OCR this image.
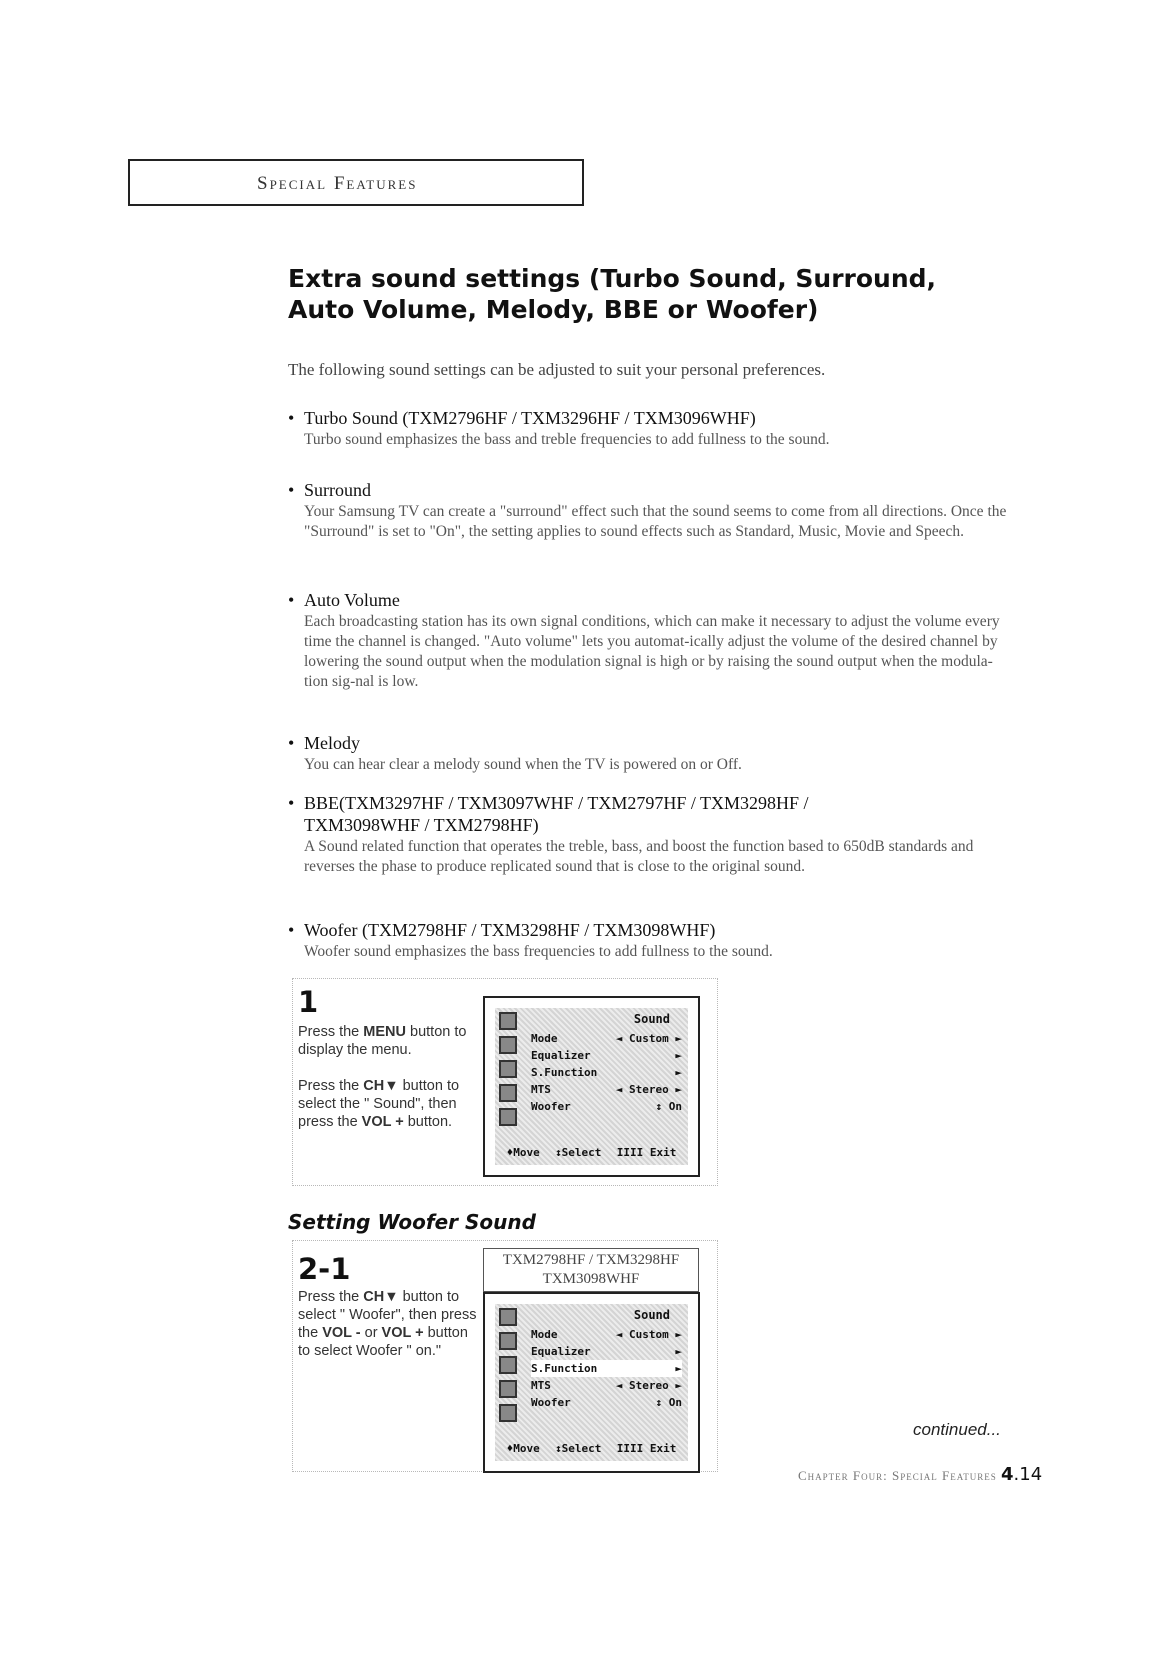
Special Features
Extra sound settings (Turbo Sound, Surround, Auto Volume, Melody, BBE or Woofer)
The following sound settings can be adjusted to suit your personal preferences.
• Turbo Sound (TXM2796HF / TXM3296HF / TXM3096WHF)
Turbo sound emphasizes the bass and treble frequencies to add fullness to the sound.
• Surround
Your Samsung TV can create a "surround" effect such that the sound seems to come from all directions. Once the "Surround" is set to "On", the setting applies to sound effects such as Standard, Music, Movie and Speech.
• Auto Volume
Each broadcasting station has its own signal conditions, which can make it necessary to adjust the volume every time the channel is changed. "Auto volume" lets you automat-ically adjust the volume of the desired channel by lowering the sound output when the modulation signal is high or by raising the sound output when the modula-tion sig-nal is low.
• Melody
You can hear clear a melody sound when the TV is powered on or Off.
• BBE(TXM3297HF / TXM3097WHF / TXM2797HF / TXM3298HF / TXM3098WHF / TXM2798HF)
A Sound related function that operates the treble, bass, and boost the function based to 650dB standards and reverses the phase to produce replicated sound that is close to the original sound.
• Woofer (TXM2798HF / TXM3298HF / TXM3098WHF)
Woofer sound emphasizes the bass frequencies to add fullness to the sound.
1
Press the MENU button to display the menu.
Press the CH▼ button to select the " Sound", then press the VOL + button.
Sound
Mode	◄ Custom ►
Equalizer	►
S.Function	►
MTS	◄ Stereo ►
Woofer	↕ On
♦Move ↕Select IIII Exit
Setting Woofer Sound
2-1
Press the CH▼ button to select " Woofer", then press the VOL - or VOL + button to select Woofer " on."
TXM2798HF / TXM3298HF
TXM3098WHF
Sound
Mode	◄ Custom ►
Equalizer	►
S.Function	►
MTS	◄ Stereo ►
Woofer	↕ On
♦Move ↕Select IIII Exit
continued...
Chapter Four: Special Features 4.14
